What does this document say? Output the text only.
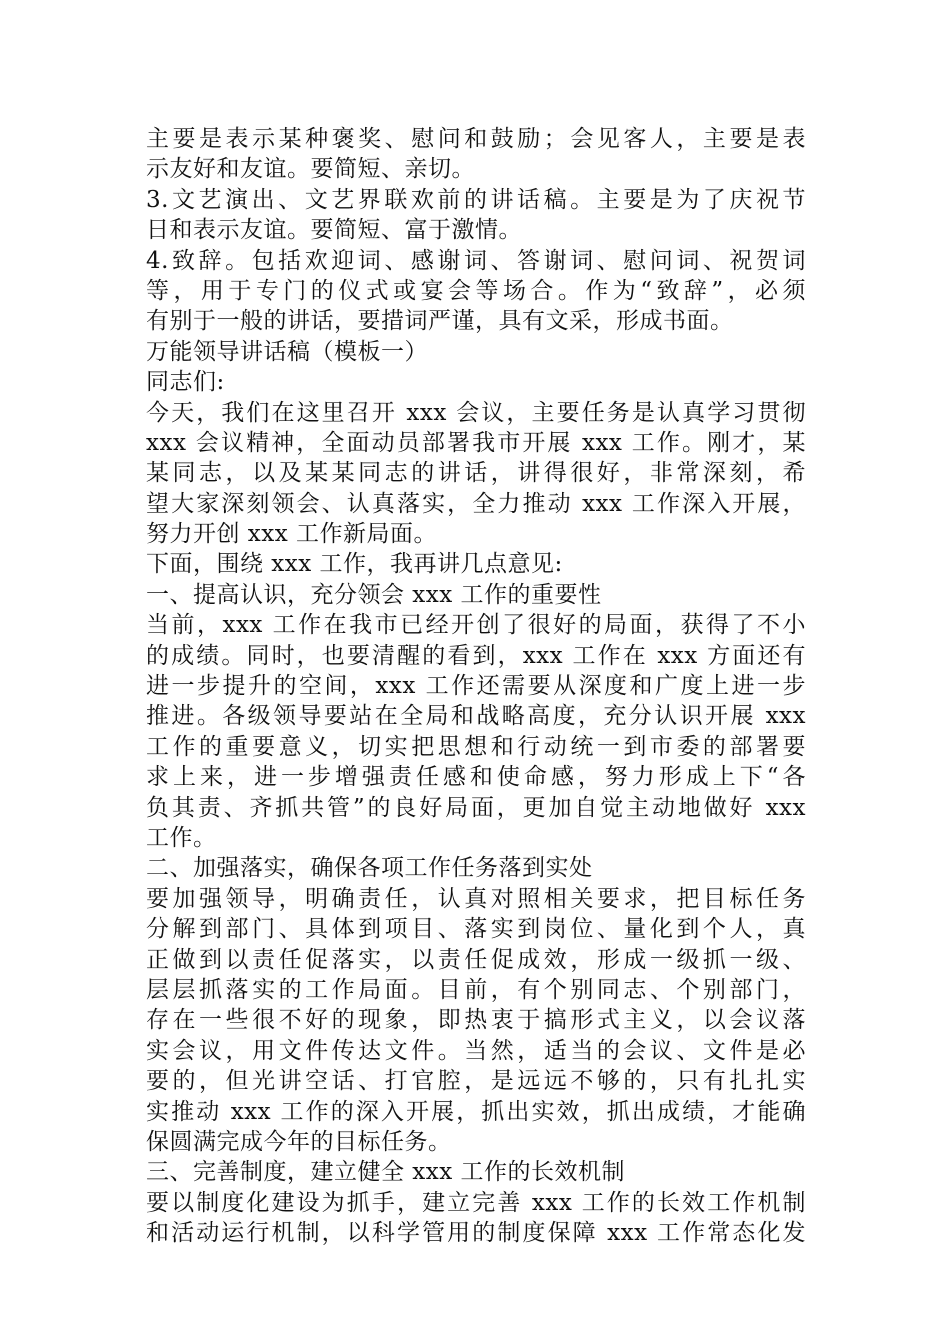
主要是表示某种褒奖、慰问和鼓励；会见客人，主要是表
示友好和友谊。要简短、亲切。
3.文艺演出、文艺界联欢前的讲话稿。主要是为了庆祝节
日和表示友谊。要简短、富于激情。
4.致辞。包括欢迎词、感谢词、答谢词、慰问词、祝贺词
等，用于专门的仪式或宴会等场合。作为“致辞”，必须
有别于一般的讲话，要措词严谨，具有文采，形成书面。
万能领导讲话稿（模板一）
同志们:
今天，我们在这里召开 xxx 会议，主要任务是认真学习贯彻
xxx 会议精神，全面动员部署我市开展 xxx 工作。刚才，某
某同志，以及某某同志的讲话，讲得很好，非常深刻，希
望大家深刻领会、认真落实，全力推动 xxx 工作深入开展，
努力开创 xxx 工作新局面。
下面，围绕 xxx 工作，我再讲几点意见:
一、提高认识，充分领会 xxx 工作的重要性
当前，xxx 工作在我市已经开创了很好的局面，获得了不小
的成绩。同时，也要清醒的看到，xxx 工作在 xxx 方面还有
进一步提升的空间，xxx 工作还需要从深度和广度上进一步
推进。各级领导要站在全局和战略高度，充分认识开展 xxx
工作的重要意义，切实把思想和行动统一到市委的部署要
求上来，进一步增强责任感和使命感，努力形成上下“各
负其责、齐抓共管”的良好局面，更加自觉主动地做好 xxx
工作。
二、加强落实，确保各项工作任务落到实处
要加强领导，明确责任，认真对照相关要求，把目标任务
分解到部门、具体到项目、落实到岗位、量化到个人，真
正做到以责任促落实，以责任促成效，形成一级抓一级、
层层抓落实的工作局面。目前，有个别同志、个别部门，
存在一些很不好的现象，即热衷于搞形式主义，以会议落
实会议，用文件传达文件。当然，适当的会议、文件是必
要的，但光讲空话、打官腔，是远远不够的，只有扎扎实
实推动 xxx 工作的深入开展，抓出实效，抓出成绩，才能确
保圆满完成今年的目标任务。
三、完善制度，建立健全 xxx 工作的长效机制
要以制度化建设为抓手，建立完善 xxx 工作的长效工作机制
和活动运行机制，以科学管用的制度保障 xxx 工作常态化发
